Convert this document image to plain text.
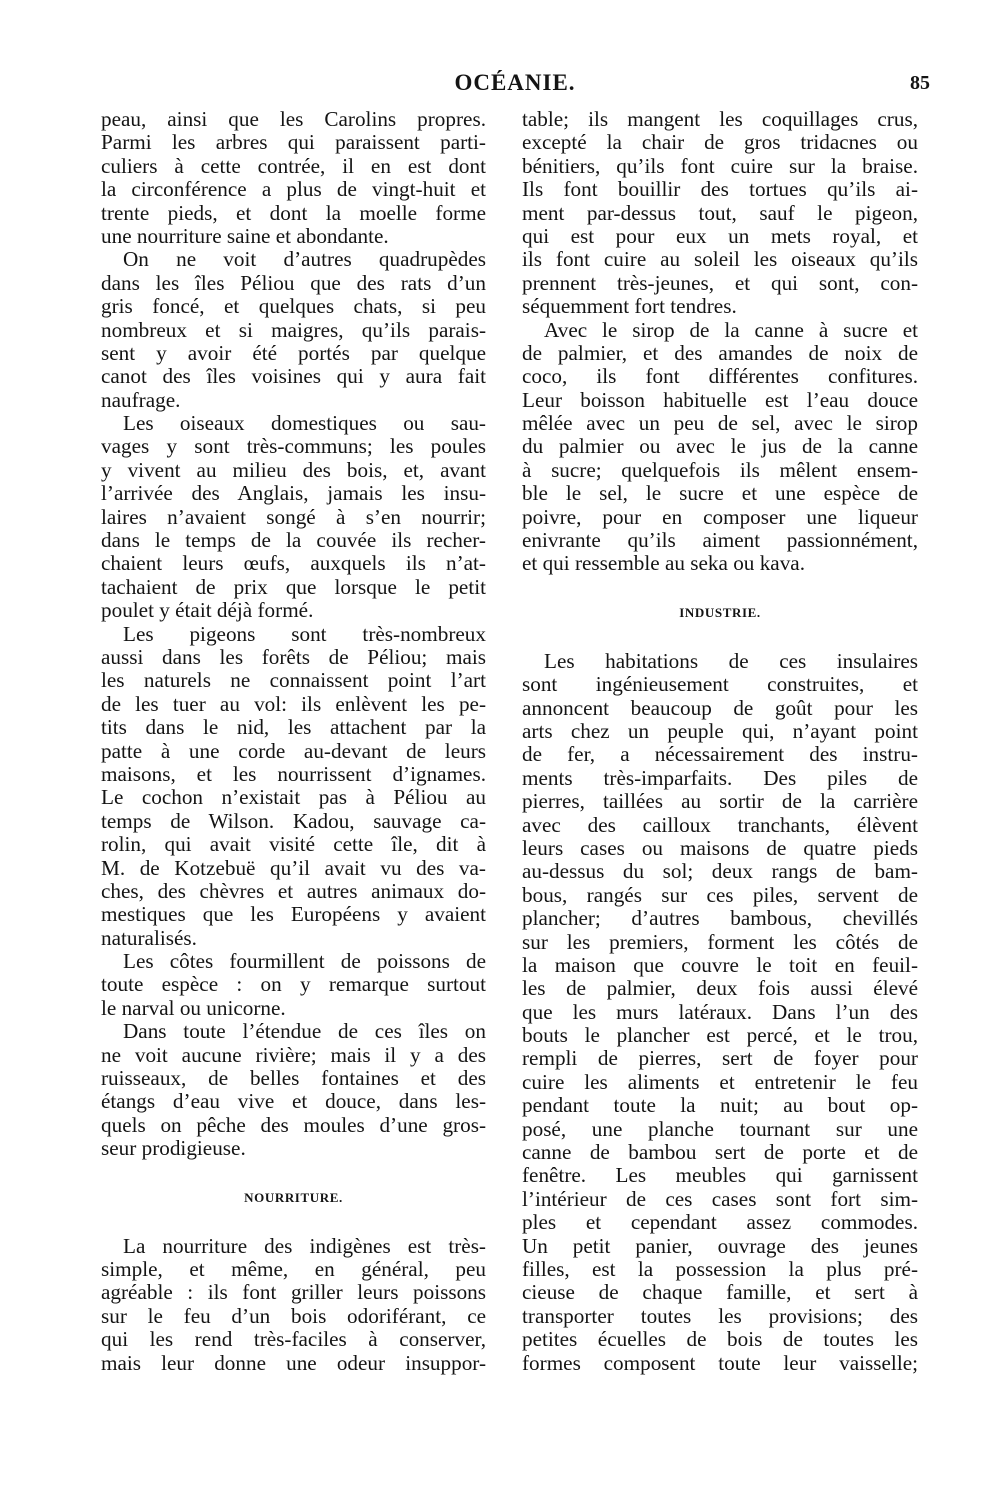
OCÉANIE.	85
peau, ainsi que les Carolins propres.
Parmi les arbres qui paraissent parti-
culiers à cette contrée, il en est dont
la circonférence a plus de vingt-huit et
trente pieds, et dont la moelle forme
une nourriture saine et abondante.
On ne voit d’autres quadrupèdes
dans les îles Péliou que des rats d’un
gris foncé, et quelques chats, si peu
nombreux et si maigres, qu’ils parais-
sent y avoir été portés par quelque
canot des îles voisines qui y aura fait
naufrage.
Les oiseaux domestiques ou sau-
vages y sont très-communs; les poules
y vivent au milieu des bois, et, avant
l’arrivée des Anglais, jamais les insu-
laires n’avaient songé à s’en nourrir;
dans le temps de la couvée ils recher-
chaient leurs œufs, auxquels ils n’at-
tachaient de prix que lorsque le petit
poulet y était déjà formé.
Les pigeons sont très-nombreux
aussi dans les forêts de Péliou; mais
les naturels ne connaissent point l’art
de les tuer au vol: ils enlèvent les pe-
tits dans le nid, les attachent par la
patte à une corde au-devant de leurs
maisons, et les nourrissent d’ignames.
Le cochon n’existait pas à Péliou au
temps de Wilson. Kadou, sauvage ca-
rolin, qui avait visité cette île, dit à
M. de Kotzebuë qu’il avait vu des va-
ches, des chèvres et autres animaux do-
mestiques que les Européens y avaient
naturalisés.
Les côtes fourmillent de poissons de
toute espèce : on y remarque surtout
le narval ou unicorne.
Dans toute l’étendue de ces îles on
ne voit aucune rivière; mais il y a des
ruisseaux, de belles fontaines et des
étangs d’eau vive et douce, dans les-
quels on pêche des moules d’une gros-
seur prodigieuse.
NOURRITURE.
La nourriture des indigènes est très-
simple, et même, en général, peu
agréable : ils font griller leurs poissons
sur le feu d’un bois odoriférant, ce
qui les rend très-faciles à conserver,
mais leur donne une odeur insuppor-
table; ils mangent les coquillages crus,
excepté la chair de gros tridacnes ou
bénitiers, qu’ils font cuire sur la braise.
Ils font bouillir des tortues qu’ils ai-
ment par-dessus tout, sauf le pigeon,
qui est pour eux un mets royal, et
ils font cuire au soleil les oiseaux qu’ils
prennent très-jeunes, et qui sont, con-
séquemment fort tendres.
Avec le sirop de la canne à sucre et
de palmier, et des amandes de noix de
coco, ils font différentes confitures.
Leur boisson habituelle est l’eau douce
mêlée avec un peu de sel, avec le sirop
du palmier ou avec le jus de la canne
à sucre; quelquefois ils mêlent ensem-
ble le sel, le sucre et une espèce de
poivre, pour en composer une liqueur
enivrante qu’ils aiment passionnément,
et qui ressemble au seka ou kava.
INDUSTRIE.
Les habitations de ces insulaires
sont ingénieusement construites, et
annoncent beaucoup de goût pour les
arts chez un peuple qui, n’ayant point
de fer, a nécessairement des instru-
ments très-imparfaits. Des piles de
pierres, taillées au sortir de la carrière
avec des cailloux tranchants, élèvent
leurs cases ou maisons de quatre pieds
au-dessus du sol; deux rangs de bam-
bous, rangés sur ces piles, servent de
plancher; d’autres bambous, chevillés
sur les premiers, forment les côtés de
la maison que couvre le toit en feuil-
les de palmier, deux fois aussi élevé
que les murs latéraux. Dans l’un des
bouts le plancher est percé, et le trou,
rempli de pierres, sert de foyer pour
cuire les aliments et entretenir le feu
pendant toute la nuit; au bout op-
posé, une planche tournant sur une
canne de bambou sert de porte et de
fenêtre. Les meubles qui garnissent
l’intérieur de ces cases sont fort sim-
ples et cependant assez commodes.
Un petit panier, ouvrage des jeunes
filles, est la possession la plus pré-
cieuse de chaque famille, et sert à
transporter toutes les provisions; des
petites écuelles de bois de toutes les
formes composent toute leur vaisselle;
